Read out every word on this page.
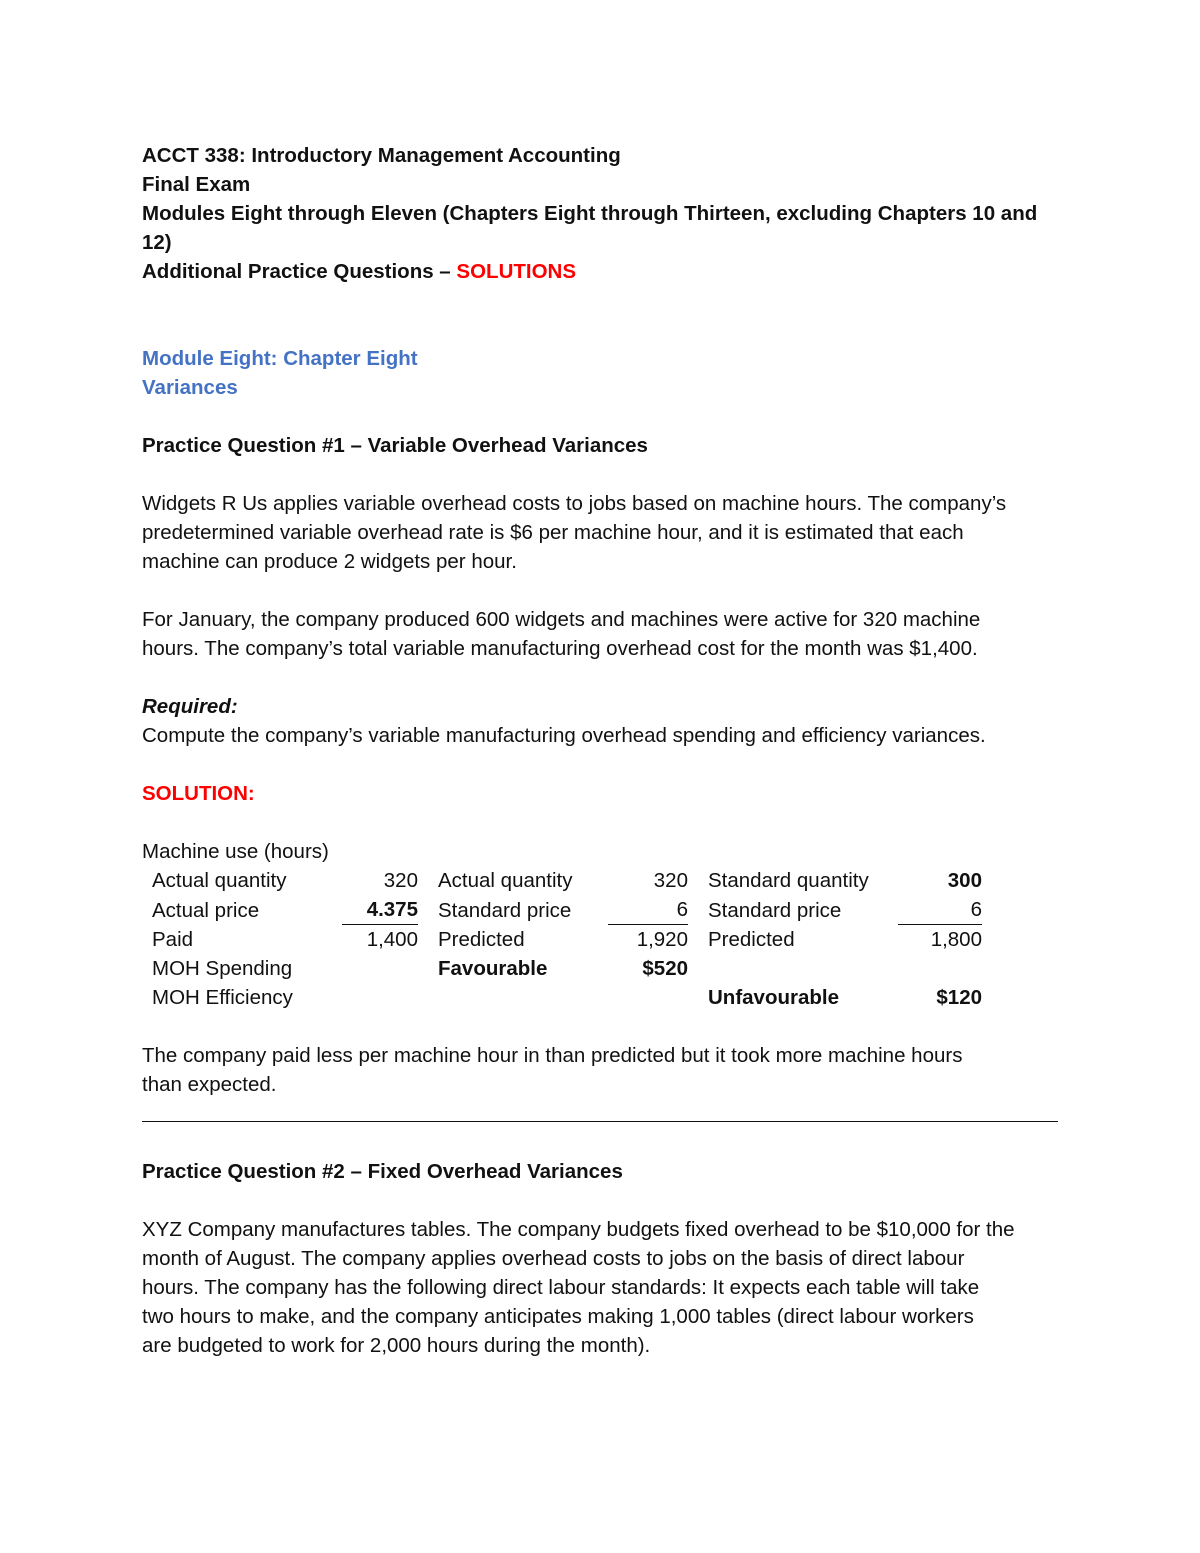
ACCT 338: Introductory Management Accounting
Final Exam
Modules Eight through Eleven (Chapters Eight through Thirteen, excluding Chapters 10 and
12)
Additional Practice Questions – SOLUTIONS
Module Eight: Chapter Eight
Variances
Practice Question #1 – Variable Overhead Variances
Widgets R Us applies variable overhead costs to jobs based on machine hours. The company’s
predetermined variable overhead rate is $6 per machine hour, and it is estimated that each
machine can produce 2 widgets per hour.
For January, the company produced 600 widgets and machines were active for 320 machine
hours. The company’s total variable manufacturing overhead cost for the month was $1,400.
Required:
Compute the company’s variable manufacturing overhead spending and efficiency variances.
SOLUTION:
Machine use (hours)
Actual quantity	320		Actual quantity	320		Standard quantity	300
Actual price	4.375		Standard price	6		Standard price	6
Paid	1,400		Predicted	1,920		Predicted	1,800
MOH Spending			Favourable	$520			
MOH Efficiency						Unfavourable	$120
The company paid less per machine hour in than predicted but it took more machine hours
than expected.
Practice Question #2 – Fixed Overhead Variances
XYZ Company manufactures tables. The company budgets fixed overhead to be $10,000 for the
month of August. The company applies overhead costs to jobs on the basis of direct labour
hours. The company has the following direct labour standards: It expects each table will take
two hours to make, and the company anticipates making 1,000 tables (direct labour workers
are budgeted to work for 2,000 hours during the month).
